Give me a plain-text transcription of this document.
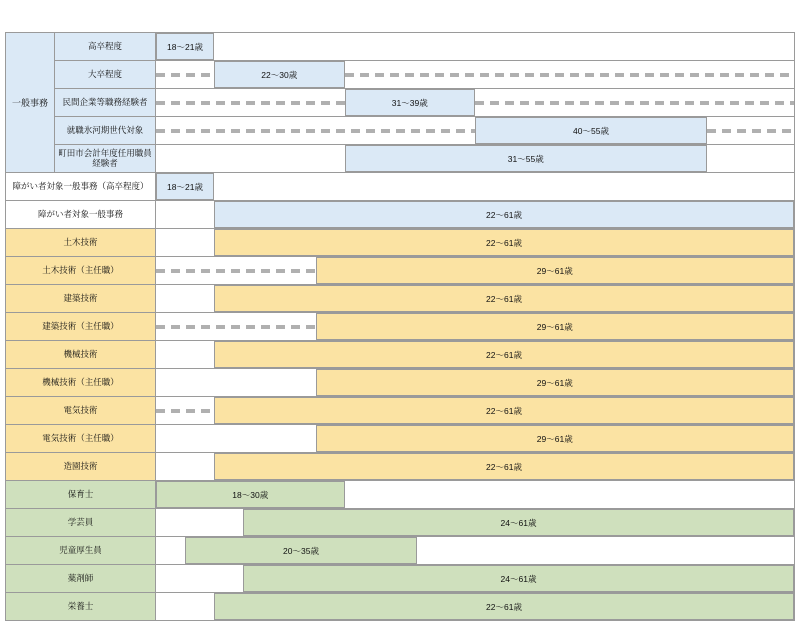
一般事務	高卒程度	18～21歳

	大卒程度	22～30歳

	民間企業等職務経験者	31～39歳

	就職氷河期世代対象	40～55歳

	町田市会計年度任用職員経験者	31～55歳

障がい者対象一般事務（高卒程度）		18～21歳

障がい者対象一般事務		22～61歳

土木技術		22～61歳

土木技術（主任職）		29～61歳

建築技術		22～61歳

建築技術（主任職）		29～61歳

機械技術		22～61歳

機械技術（主任職）		29～61歳

電気技術		22～61歳

電気技術（主任職）		29～61歳

造園技術		22～61歳

保育士		18～30歳

学芸員		24～61歳

児童厚生員		20～35歳

薬剤師		24～61歳

栄養士		22～61歳
